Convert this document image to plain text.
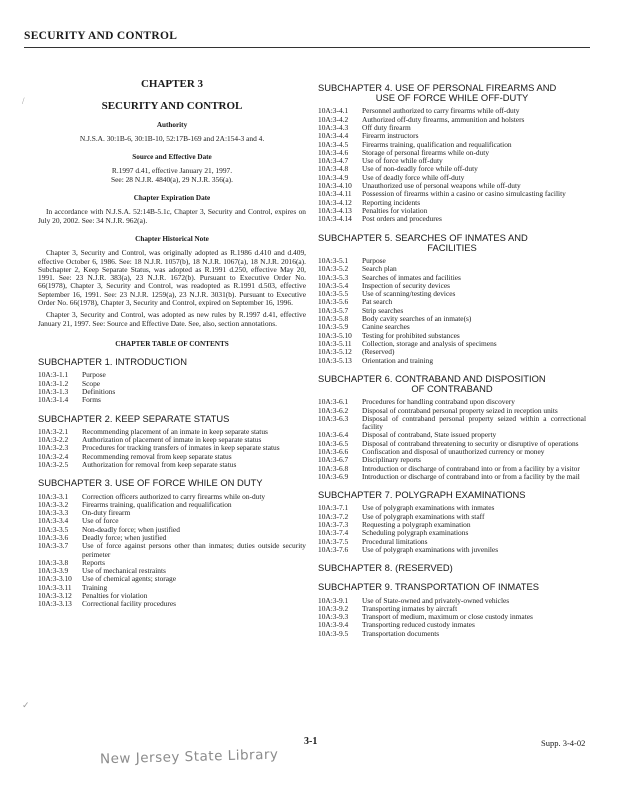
SECURITY AND CONTROL
/
✓
CHAPTER 3
SECURITY AND CONTROL
Authority

N.J.S.A. 30:1B-6, 30:1B-10, 52:17B-169 and 2A:154-3 and 4.

Source and Effective Date

R.1997 d.41, effective January 21, 1997.

See: 28 N.J.R. 4840(a), 29 N.J.R. 356(a).

Chapter Expiration Date

In accordance with N.J.S.A. 52:14B-5.1c, Chapter 3, Security and Control, expires on July 20, 2002. See: 34 N.J.R. 962(a).

Chapter Historical Note

Chapter 3, Security and Control, was originally adopted as R.1986 d.410 and d.409, effective October 6, 1986. See: 18 N.J.R. 1057(b), 18 N.J.R. 1067(a), 18 N.J.R. 2016(a). Subchapter 2, Keep Separate Status, was adopted as R.1991 d.250, effective May 20, 1991. See: 23 N.J.R. 383(a), 23 N.J.R. 1672(b). Pursuant to Executive Order No. 66(1978), Chapter 3, Security and Control, was readopted as R.1991 d.503, effective September 16, 1991. See: 23 N.J.R. 1259(a), 23 N.J.R. 3031(b). Pursuant to Executive Order No. 66(1978), Chapter 3, Security and Control, expired on September 16, 1996.

Chapter 3, Security and Control, was adopted as new rules by R.1997 d.41, effective January 21, 1997. See: Source and Effective Date. See, also, section annotations.

CHAPTER TABLE OF CONTENTS
SUBCHAPTER 1. INTRODUCTION
10A:3-1.1	Purpose
10A:3-1.2	Scope
10A:3-1.3	Definitions
10A:3-1.4	Forms
SUBCHAPTER 2. KEEP SEPARATE STATUS
10A:3-2.1	Recommending placement of an inmate in keep separate status
10A:3-2.2	Authorization of placement of inmate in keep separate status
10A:3-2.3	Procedures for tracking transfers of inmates in keep separate status
10A:3-2.4	Recommending removal from keep separate status
10A:3-2.5	Authorization for removal from keep separate status
SUBCHAPTER 3. USE OF FORCE WHILE ON DUTY
10A:3-3.1	Correction officers authorized to carry firearms while on-duty
10A:3-3.2	Firearms training, qualification and requalification
10A:3-3.3	On-duty firearm
10A:3-3.4	Use of force
10A:3-3.5	Non-deadly force; when justified
10A:3-3.6	Deadly force; when justified
10A:3-3.7	Use of force against persons other than inmates; duties outside security perimeter
10A:3-3.8	Reports
10A:3-3.9	Use of mechanical restraints
10A:3-3.10	Use of chemical agents; storage
10A:3-3.11	Training
10A:3-3.12	Penalties for violation
10A:3-3.13	Correctional facility procedures
SUBCHAPTER 4. USE OF PERSONAL FIREARMS AND
USE OF FORCE WHILE OFF-DUTY
10A:3-4.1	Personnel authorized to carry firearms while off-duty
10A:3-4.2	Authorized off-duty firearms, ammunition and holsters
10A:3-4.3	Off duty firearm
10A:3-4.4	Firearm instructors
10A:3-4.5	Firearms training, qualification and requalification
10A:3-4.6	Storage of personal firearms while on-duty
10A:3-4.7	Use of force while off-duty
10A:3-4.8	Use of non-deadly force while off-duty
10A:3-4.9	Use of deadly force while off-duty
10A:3-4.10	Unauthorized use of personal weapons while off-duty
10A:3-4.11	Possession of firearms within a casino or casino simulcasting facility
10A:3-4.12	Reporting incidents
10A:3-4.13	Penalties for violation
10A:3-4.14	Post orders and procedures
SUBCHAPTER 5. SEARCHES OF INMATES AND
FACILITIES
10A:3-5.1	Purpose
10A:3-5.2	Search plan
10A:3-5.3	Searches of inmates and facilities
10A:3-5.4	Inspection of security devices
10A:3-5.5	Use of scanning/testing devices
10A:3-5.6	Pat search
10A:3-5.7	Strip searches
10A:3-5.8	Body cavity searches of an inmate(s)
10A:3-5.9	Canine searches
10A:3-5.10	Testing for prohibited substances
10A:3-5.11	Collection, storage and analysis of specimens
10A:3-5.12	(Reserved)
10A:3-5.13	Orientation and training
SUBCHAPTER 6. CONTRABAND AND DISPOSITION
OF CONTRABAND
10A:3-6.1	Procedures for handling contraband upon discovery
10A:3-6.2	Disposal of contraband personal property seized in reception units
10A:3-6.3	Disposal of contraband personal property seized within a correctional facility
10A:3-6.4	Disposal of contraband, State issued property
10A:3-6.5	Disposal of contraband threatening to security or disruptive of operations
10A:3-6.6	Confiscation and disposal of unauthorized currency or money
10A:3-6.7	Disciplinary reports
10A:3-6.8	Introduction or discharge of contraband into or from a facility by a visitor
10A:3-6.9	Introduction or discharge of contraband into or from a facility by the mail
SUBCHAPTER 7. POLYGRAPH EXAMINATIONS
10A:3-7.1	Use of polygraph examinations with inmates
10A:3-7.2	Use of polygraph examinations with staff
10A:3-7.3	Requesting a polygraph examination
10A:3-7.4	Scheduling polygraph examinations
10A:3-7.5	Procedural limitations
10A:3-7.6	Use of polygraph examinations with juveniles
SUBCHAPTER 8. (RESERVED)
SUBCHAPTER 9. TRANSPORTATION OF INMATES
10A:3-9.1	Use of State-owned and privately-owned vehicles
10A:3-9.2	Transporting inmates by aircraft
10A:3-9.3	Transport of medium, maximum or close custody inmates
10A:3-9.4	Transporting reduced custody inmates
10A:3-9.5	Transportation documents
3-1	Supp. 3-4-02
New Jersey State Library
